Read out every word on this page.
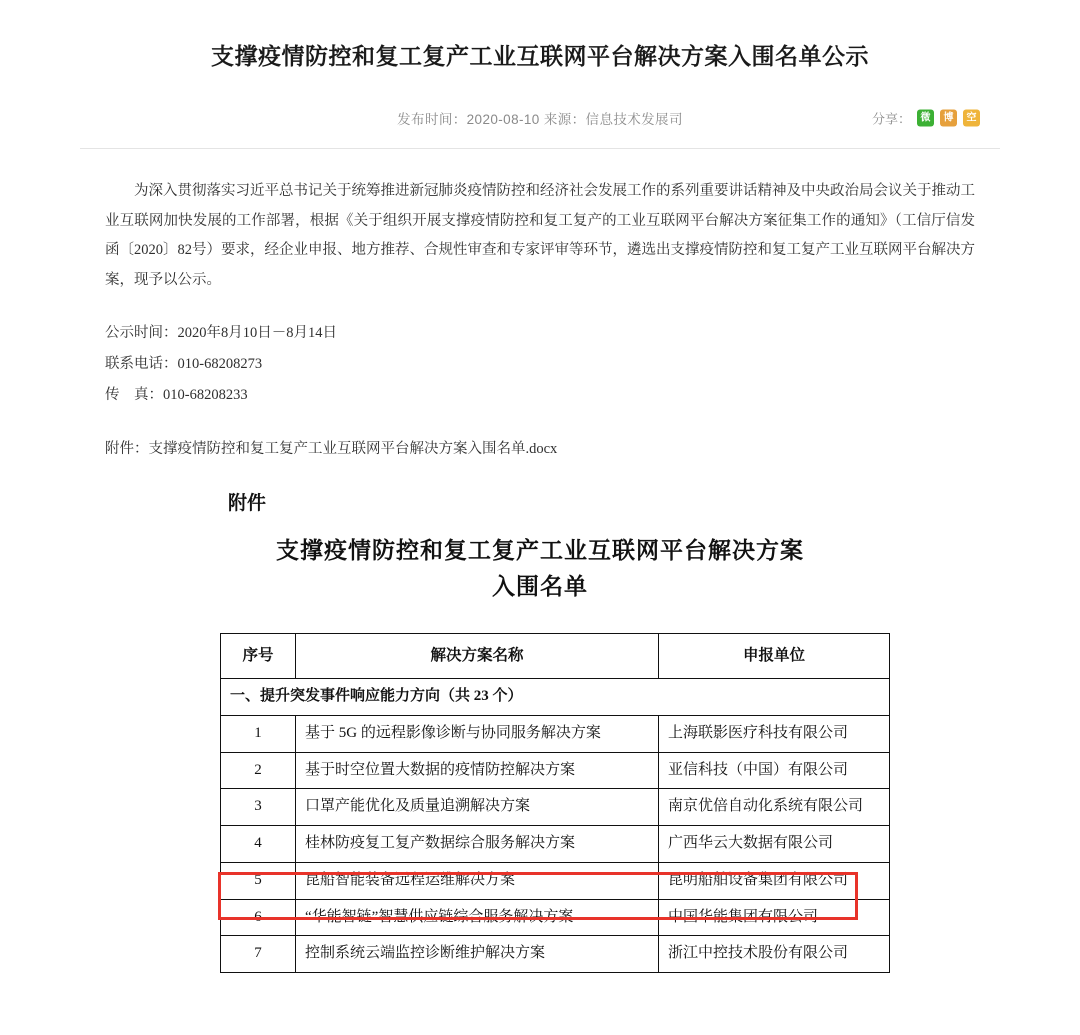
支撑疫情防控和复工复产工业互联网平台解决方案入围名单公示
发布时间：2020-08-10 来源：信息技术发展司	分享： 微	博	空
为深入贯彻落实习近平总书记关于统筹推进新冠肺炎疫情防控和经济社会发展工作的系列重要讲话精神及中央政治局会议关于推动工业互联网加快发展的工作部署，根据《关于组织开展支撑疫情防控和复工复产的工业互联网平台解决方案征集工作的通知》（工信厅信发函〔2020〕82号）要求，经企业申报、地方推荐、合规性审查和专家评审等环节，遴选出支撑疫情防控和复工复产工业互联网平台解决方案，现予以公示。
公示时间：2020年8月10日－8月14日
联系电话：010-68208273
传    真：010-68208233
附件：支撑疫情防控和复工复产工业互联网平台解决方案入围名单.docx
附件
支撑疫情防控和复工复产工业互联网平台解决方案
入围名单
序号	解决方案名称	申报单位
一、提升突发事件响应能力方向（共 23 个）		
1	基于 5G 的远程影像诊断与协同服务解决方案	上海联影医疗科技有限公司
2	基于时空位置大数据的疫情防控解决方案	亚信科技（中国）有限公司
3	口罩产能优化及质量追溯解决方案	南京优倍自动化系统有限公司
4	桂林防疫复工复产数据综合服务解决方案	广西华云大数据有限公司
5	昆船智能装备远程运维解决方案	昆明船舶设备集团有限公司
6	“华能智链”智慧供应链综合服务解决方案	中国华能集团有限公司
7	控制系统云端监控诊断维护解决方案	浙江中控技术股份有限公司
